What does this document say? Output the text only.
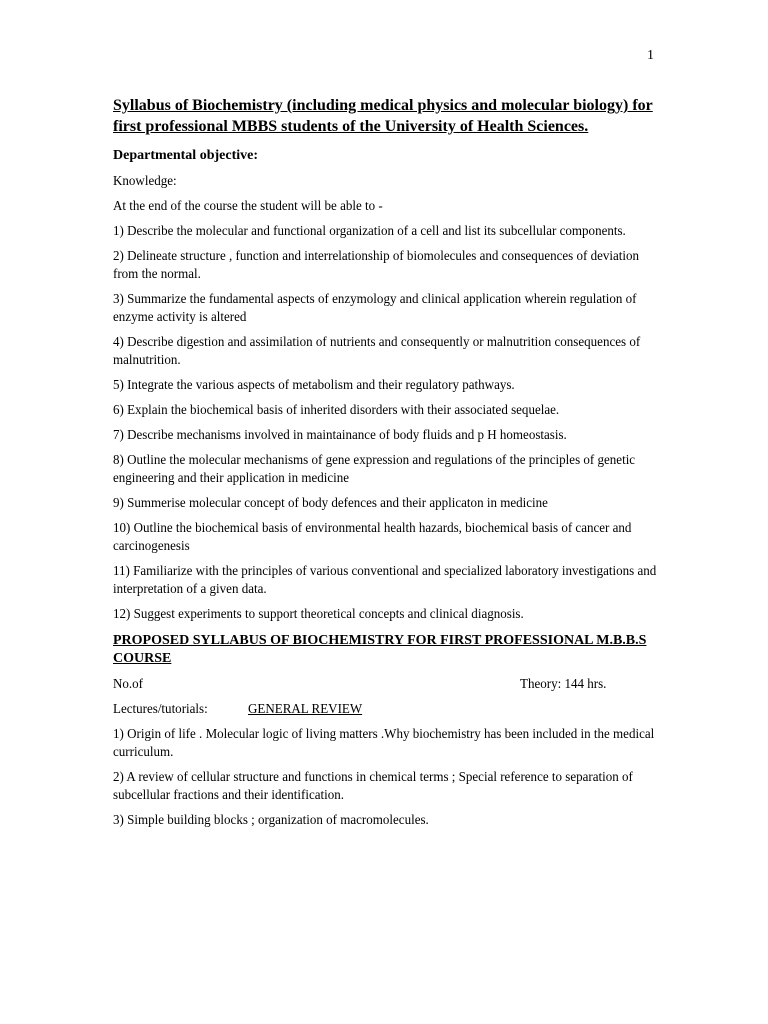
1
Syllabus of Biochemistry (including medical physics and molecular biology) for first professional MBBS students of the University of Health Sciences.
Departmental objective:

Knowledge:

At the end of the course the student will be able to -

1) Describe the molecular and functional organization of a cell and list its subcellular components.
2) Delineate structure , function and interrelationship of biomolecules and consequences of deviation from the normal.
3) Summarize the fundamental aspects of enzymology and clinical application wherein regulation of enzyme activity is altered
4) Describe digestion and assimilation of nutrients and consequently or malnutrition consequences of malnutrition.
5) Integrate the various aspects of metabolism and their regulatory pathways.
6) Explain the biochemical basis of inherited disorders with their associated sequelae.
7) Describe mechanisms involved in maintainance of body fluids and p H homeostasis.
8) Outline the molecular mechanisms of gene expression and regulations of the principles of genetic engineering and their application in medicine
9) Summerise molecular concept of body defences and their applicaton in medicine
10) Outline the biochemical basis of environmental health hazards, biochemical basis of cancer and carcinogenesis
11) Familiarize with the principles of various conventional and specialized laboratory investigations and interpretation of a given data.
12) Suggest experiments to support theoretical concepts and clinical diagnosis.
PROPOSED SYLLABUS OF BIOCHEMISTRY FOR FIRST PROFESSIONAL M.B.B.S COURSE
No.of	Theory: 144 hrs.
Lectures/tutorials:	GENERAL REVIEW
1) Origin of life . Molecular logic of living matters .Why biochemistry has been included in the medical curriculum.
2) A review of cellular structure and functions in chemical terms ; Special reference to separation of subcellular fractions and their identification.
3) Simple building blocks ; organization of macromolecules.
